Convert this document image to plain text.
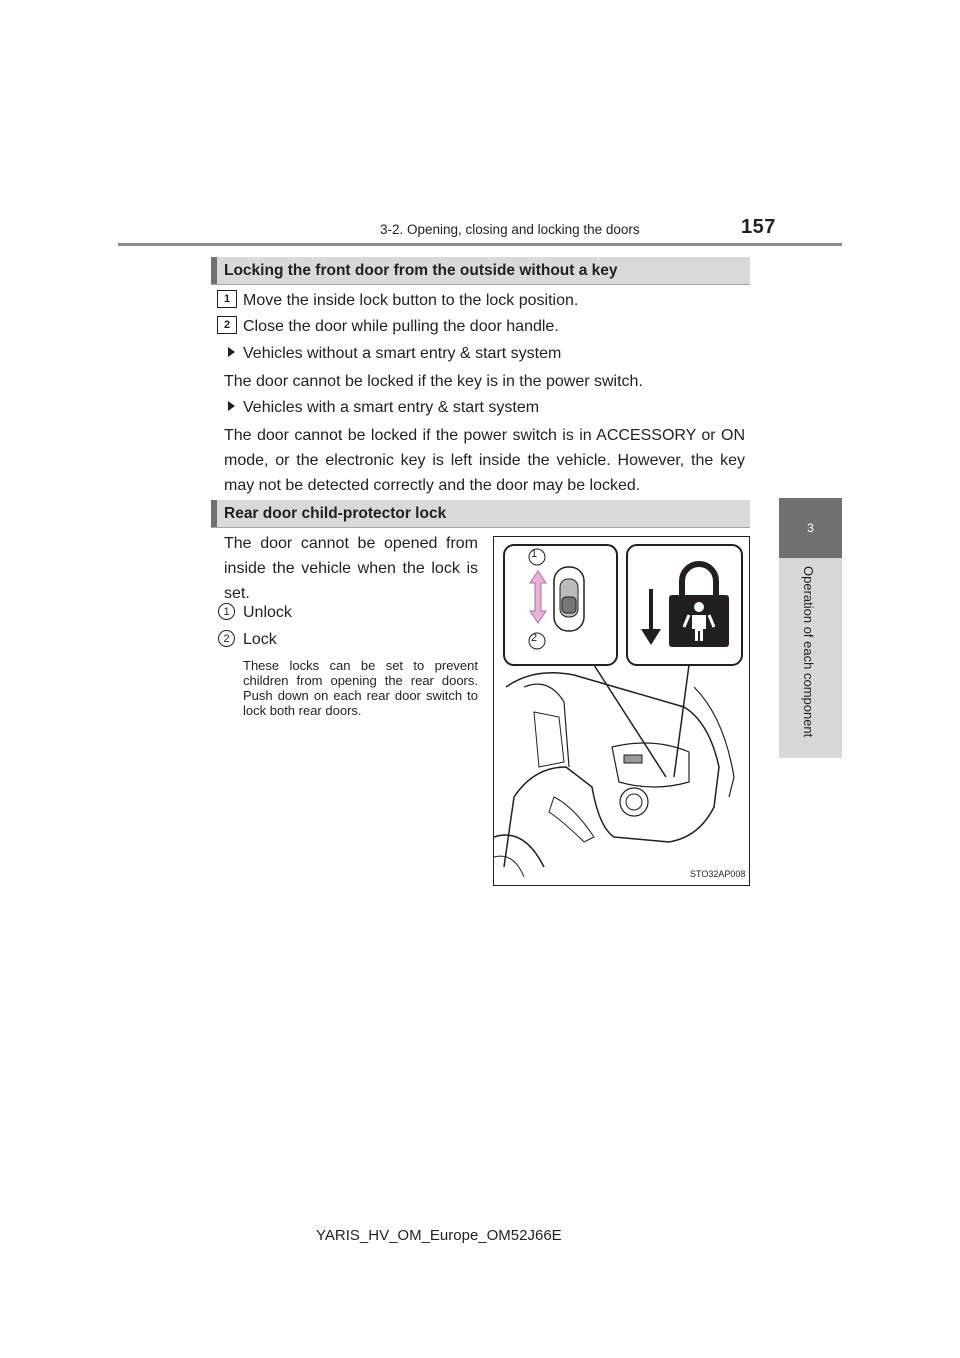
3-2. Opening, closing and locking the doors	157
3
Operation of each component
Locking the front door from the outside without a key
1 Move the inside lock button to the lock position.
2 Close the door while pulling the door handle.
Vehicles without a smart entry & start system
The door cannot be locked if the key is in the power switch.
Vehicles with a smart entry & start system
The door cannot be locked if the power switch is in ACCESSORY or ON mode, or the electronic key is left inside the vehicle. However, the key may not be detected correctly and the door may be locked.
Rear door child-protector lock
The door cannot be opened from inside the vehicle when the lock is set.
1 Unlock
2 Lock
These locks can be set to prevent children from opening the rear doors. Push down on each rear door switch to lock both rear doors.
1
2
STO32AP008
YARIS_HV_OM_Europe_OM52J66E
